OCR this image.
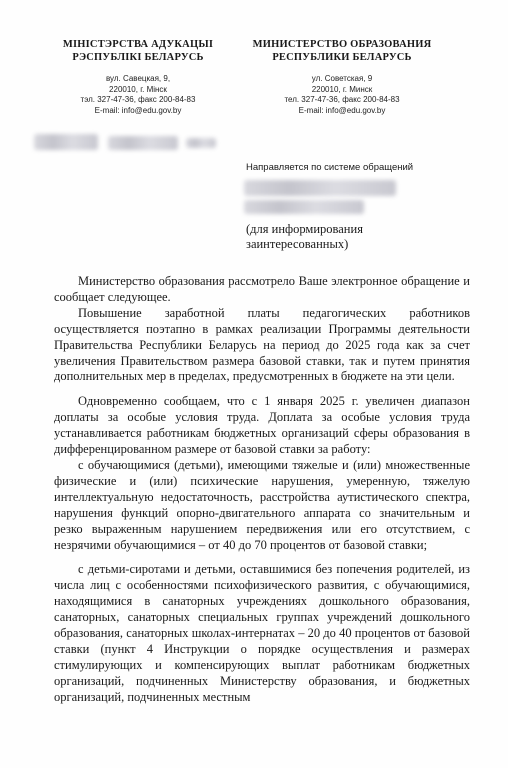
МІНІСТЭРСТВА АДУКАЦЫІ
РЭСПУБЛІКІ БЕЛАРУСЬ
вул. Савецкая, 9,
220010, г. Мінск
тэл. 327-47-36, факс 200-84-83
E-mail: info@edu.gov.by
МИНИСТЕРСТВО ОБРАЗОВАНИЯ
РЕСПУБЛИКИ БЕЛАРУСЬ
ул. Советская, 9
220010, г. Минск
тел. 327-47-36, факс 200-84-83
E-mail: info@edu.gov.by
Направляется по системе обращений
(для информирования
заинтересованных)

Министерство образования рассмотрело Ваше электронное обращение и сообщает следующее.

Повышение заработной платы педагогических работников осуществляется поэтапно в рамках реализации Программы деятельности Правительства Республики Беларусь на период до 2025 года как за счет увеличения Правительством размера базовой ставки, так и путем принятия дополнительных мер в пределах, предусмотренных в бюджете на эти цели.

Одновременно сообщаем, что с 1 января 2025 г. увеличен диапазон доплаты за особые условия труда. Доплата за особые условия труда устанавливается работникам бюджетных организаций сферы образования в дифференцированном размере от базовой ставки за работу:

с обучающимися (детьми), имеющими тяжелые и (или) множественные физические и (или) психические нарушения, умеренную, тяжелую интеллектуальную недостаточность, расстройства аутистического спектра, нарушения функций опорно-двигательного аппарата со значительным и резко выраженным нарушением передвижения или его отсутствием, с незрячими обучающимися – от 40 до 70 процентов от базовой ставки;

с детьми-сиротами и детьми, оставшимися без попечения родителей, из числа лиц с особенностями психофизического развития, с обучающимися, находящимися в санаторных учреждениях дошкольного образования, санаторных, санаторных специальных группах учреждений дошкольного образования, санаторных школах-интернатах – 20 до 40 процентов от базовой ставки (пункт 4 Инструкции о порядке осуществления и размерах стимулирующих и компенсирующих выплат работникам бюджетных организаций, подчиненных Министерству образования, и бюджетных организаций, подчиненных местным
